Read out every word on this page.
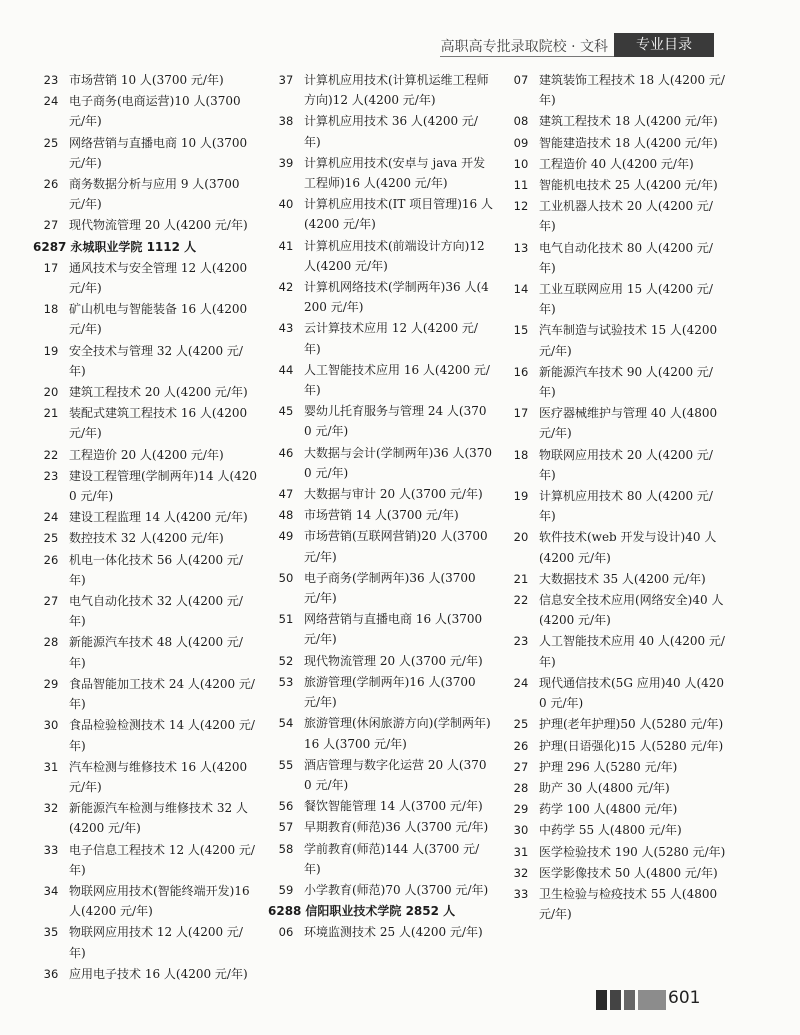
高职高专批录取院校 · 文科	专业目录
23 市场营销 10 人(3700 元/年)
24 电子商务(电商运营)10 人(3700 元/年)
25 网络营销与直播电商 10 人(3700 元/年)
26 商务数据分析与应用 9 人(3700 元/年)
27 现代物流管理 20 人(4200 元/年)
6287 永城职业学院 1112 人
17 通风技术与安全管理 12 人(4200 元/年)
18 矿山机电与智能装备 16 人(4200 元/年)
19 安全技术与管理 32 人(4200 元/年)
20 建筑工程技术 20 人(4200 元/年)
21 装配式建筑工程技术 16 人(4200 元/年)
22 工程造价 20 人(4200 元/年)
23 建设工程管理(学制两年)14 人(4200 元/年)
24 建设工程监理 14 人(4200 元/年)
25 数控技术 32 人(4200 元/年)
26 机电一体化技术 56 人(4200 元/年)
27 电气自动化技术 32 人(4200 元/年)
28 新能源汽车技术 48 人(4200 元/年)
29 食品智能加工技术 24 人(4200 元/年)
30 食品检验检测技术 14 人(4200 元/年)
31 汽车检测与维修技术 16 人(4200 元/年)
32 新能源汽车检测与维修技术 32 人(4200 元/年)
33 电子信息工程技术 12 人(4200 元/年)
34 物联网应用技术(智能终端开发)16 人(4200 元/年)
35 物联网应用技术 12 人(4200 元/年)
36 应用电子技术 16 人(4200 元/年)
37 计算机应用技术(计算机运维工程师方向)12 人(4200 元/年)
38 计算机应用技术 36 人(4200 元/年)
39 计算机应用技术(安卓与 java 开发工程师)16 人(4200 元/年)
40 计算机应用技术(IT 项目管理)16 人(4200 元/年)
41 计算机应用技术(前端设计方向)12 人(4200 元/年)
42 计算机网络技术(学制两年)36 人(4200 元/年)
43 云计算技术应用 12 人(4200 元/年)
44 人工智能技术应用 16 人(4200 元/年)
45 婴幼儿托育服务与管理 24 人(3700 元/年)
46 大数据与会计(学制两年)36 人(3700 元/年)
47 大数据与审计 20 人(3700 元/年)
48 市场营销 14 人(3700 元/年)
49 市场营销(互联网营销)20 人(3700 元/年)
50 电子商务(学制两年)36 人(3700 元/年)
51 网络营销与直播电商 16 人(3700 元/年)
52 现代物流管理 20 人(3700 元/年)
53 旅游管理(学制两年)16 人(3700 元/年)
54 旅游管理(休闲旅游方向)(学制两年)16 人(3700 元/年)
55 酒店管理与数字化运营 20 人(3700 元/年)
56 餐饮智能管理 14 人(3700 元/年)
57 早期教育(师范)36 人(3700 元/年)
58 学前教育(师范)144 人(3700 元/年)
59 小学教育(师范)70 人(3700 元/年)
6288 信阳职业技术学院 2852 人
06 环境监测技术 25 人(4200 元/年)
07 建筑装饰工程技术 18 人(4200 元/年)
08 建筑工程技术 18 人(4200 元/年)
09 智能建造技术 18 人(4200 元/年)
10 工程造价 40 人(4200 元/年)
11 智能机电技术 25 人(4200 元/年)
12 工业机器人技术 20 人(4200 元/年)
13 电气自动化技术 80 人(4200 元/年)
14 工业互联网应用 15 人(4200 元/年)
15 汽车制造与试验技术 15 人(4200 元/年)
16 新能源汽车技术 90 人(4200 元/年)
17 医疗器械维护与管理 40 人(4800 元/年)
18 物联网应用技术 20 人(4200 元/年)
19 计算机应用技术 80 人(4200 元/年)
20 软件技术(web 开发与设计)40 人(4200 元/年)
21 大数据技术 35 人(4200 元/年)
22 信息安全技术应用(网络安全)40 人(4200 元/年)
23 人工智能技术应用 40 人(4200 元/年)
24 现代通信技术(5G 应用)40 人(4200 元/年)
25 护理(老年护理)50 人(5280 元/年)
26 护理(日语强化)15 人(5280 元/年)
27 护理 296 人(5280 元/年)
28 助产 30 人(4800 元/年)
29 药学 100 人(4800 元/年)
30 中药学 55 人(4800 元/年)
31 医学检验技术 190 人(5280 元/年)
32 医学影像技术 50 人(4800 元/年)
33 卫生检验与检疫技术 55 人(4800 元/年)
601
